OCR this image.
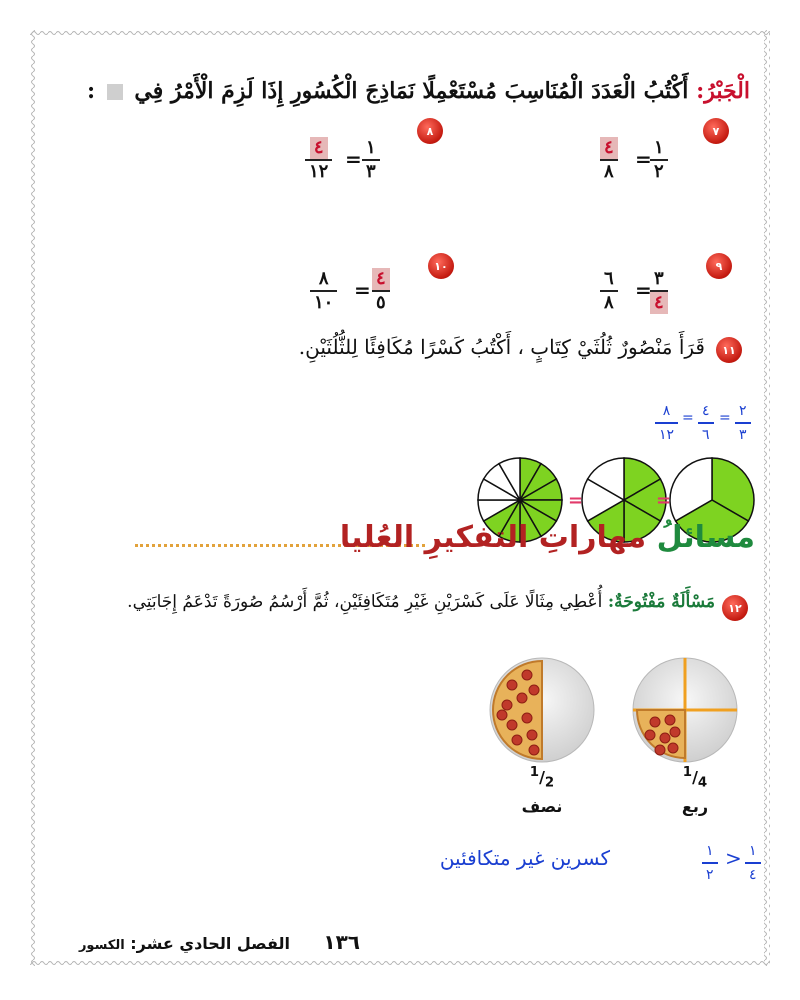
الْجَبْرُ: أَكْتُبُ الْعَدَدَ الْمُنَاسِبَ مُسْتَعْمِلًا نَمَاذِجَ الْكُسُورِ إِذَا لَزِمَ الْأَمْرُ فِي  :
٧
١
٢
=
٤
٨
٨
١
٣
=
٤
١٢
٩
٣
٤
=
٦
٨
١٠
٤
٥
=
٨
١٠
١١
قَرَأَ مَنْصُورٌ ثُلُثَيْ كِتَابٍ ، أَكْتُبُ كَسْرًا مُكَافِئًا لِلثُّلُثَيْنِ.
٢
٣
=
٤
٦
=
٨
١٢
=	=
مسائلُ مهاراتِ التفكيرِ العُليا
١٢
مَسْأَلَةٌ مَفْتُوحَةٌ: أُعْطِي مِثَالًا عَلَى كَسْرَيْنِ غَيْرِ مُتَكَافِئَيْنِ، ثُمَّ أَرْسُمُ صُورَةً تَدْعَمُ إِجَابَتِي.
$^1/_4$
ربع
$^1/_2$
نصف
١
٤
>
١
٢
كسرين غير متكافئين
١٣٦      الفصل الحادي عشر: الكسور
